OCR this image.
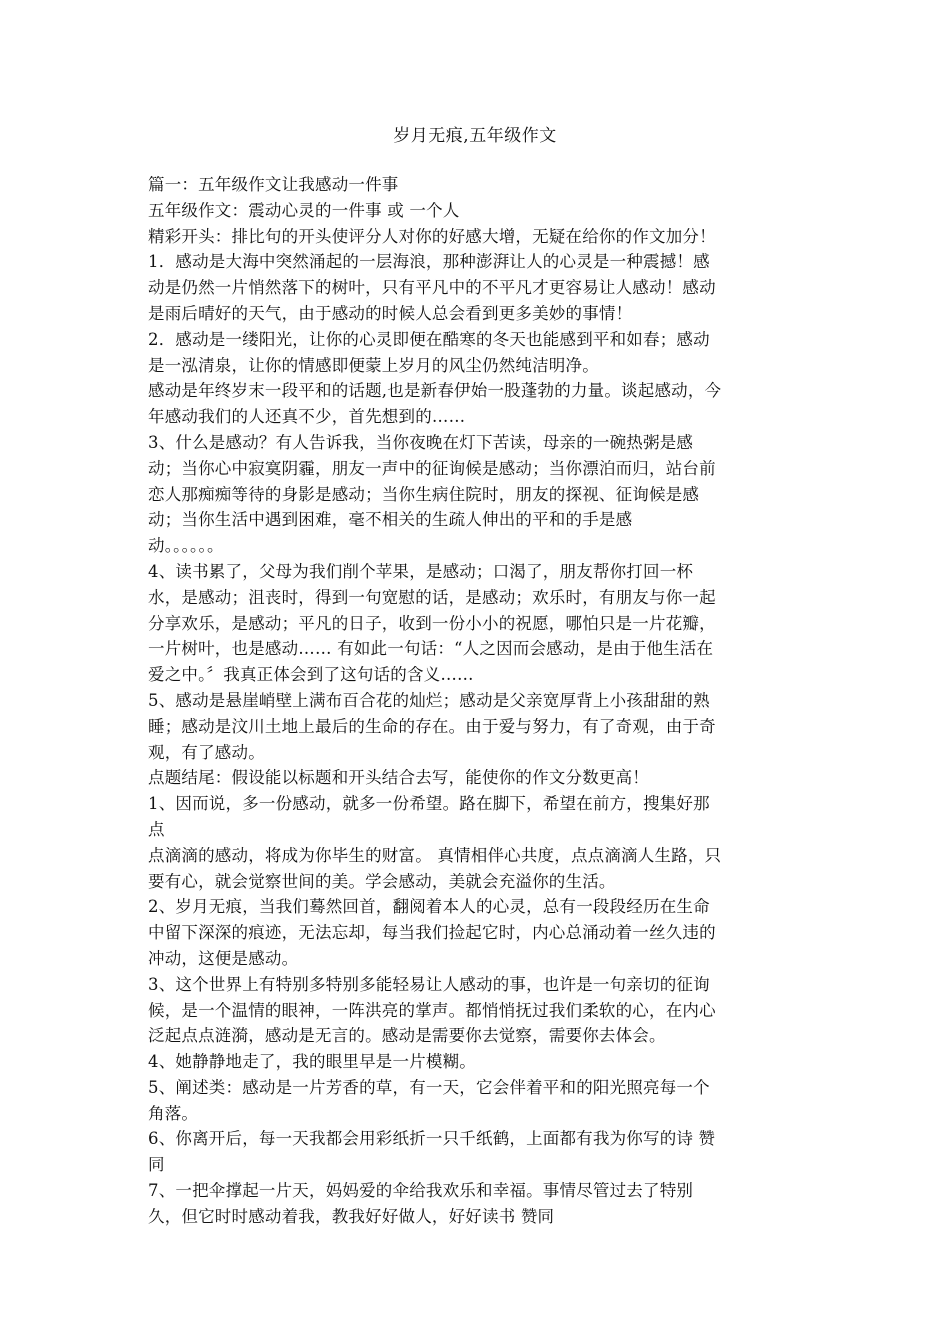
岁月无痕,五年级作文
篇一：五年级作文让我感动一件事
五年级作文：震动心灵的一件事 或 一个人
精彩开头：排比句的开头使评分人对你的好感大增，无疑在给你的作文加分！
1．感动是大海中突然涌起的一层海浪，那种澎湃让人的心灵是一种震撼！感
动是仍然一片悄然落下的树叶，只有平凡中的不平凡才更容易让人感动！感动
是雨后晴好的天气，由于感动的时候人总会看到更多美妙的事情！
2．感动是一缕阳光，让你的心灵即便在酷寒的冬天也能感到平和如春；感动
是一泓清泉，让你的情感即便蒙上岁月的风尘仍然纯洁明净。
感动是年终岁末一段平和的话题,也是新春伊始一股蓬勃的力量。谈起感动，今
年感动我们的人还真不少，首先想到的……
3、什么是感动？有人告诉我，当你夜晚在灯下苦读，母亲的一碗热粥是感
动；当你心中寂寞阴霾，朋友一声中的征询候是感动；当你漂泊而归，站台前
恋人那痴痴等待的身影是感动；当你生病住院时，朋友的探视、征询候是感
动；当你生活中遇到困难，毫不相关的生疏人伸出的平和的手是感
动。。。。。。
4、读书累了，父母为我们削个苹果，是感动；口渴了，朋友帮你打回一杯
水，是感动；沮丧时，得到一句宽慰的话，是感动；欢乐时，有朋友与你一起
分享欢乐，是感动；平凡的日子，收到一份小小的祝愿，哪怕只是一片花瓣，
一片树叶，也是感动…… 有如此一句话：“人之因而会感动，是由于他生活在
爱之中。〞我真正体会到了这句话的含义……
5、感动是悬崖峭壁上满布百合花的灿烂；感动是父亲宽厚背上小孩甜甜的熟
睡；感动是汶川土地上最后的生命的存在。由于爱与努力，有了奇观，由于奇
观，有了感动。
点题结尾：假设能以标题和开头结合去写，能使你的作文分数更高！
1、因而说，多一份感动，就多一份希望。路在脚下，希望在前方，搜集好那
点
点滴滴的感动，将成为你毕生的财富。 真情相伴心共度，点点滴滴人生路，只
要有心，就会觉察世间的美。学会感动，美就会充溢你的生活。
2、岁月无痕，当我们蓦然回首，翻阅着本人的心灵，总有一段段经历在生命
中留下深深的痕迹，无法忘却，每当我们捡起它时，内心总涌动着一丝久违的
冲动，这便是感动。
3、这个世界上有特别多特别多能轻易让人感动的事，也许是一句亲切的征询
候，是一个温情的眼神，一阵洪亮的掌声。都悄悄抚过我们柔软的心，在内心
泛起点点涟漪，感动是无言的。感动是需要你去觉察，需要你去体会。
4、她静静地走了，我的眼里早是一片模糊。
5、阐述类：感动是一片芳香的草，有一天，它会伴着平和的阳光照亮每一个
角落。
6、你离开后，每一天我都会用彩纸折一只千纸鹤，上面都有我为你写的诗 赞
同
7、一把伞撑起一片天，妈妈爱的伞给我欢乐和幸福。事情尽管过去了特别
久，但它时时感动着我，教我好好做人，好好读书 赞同
